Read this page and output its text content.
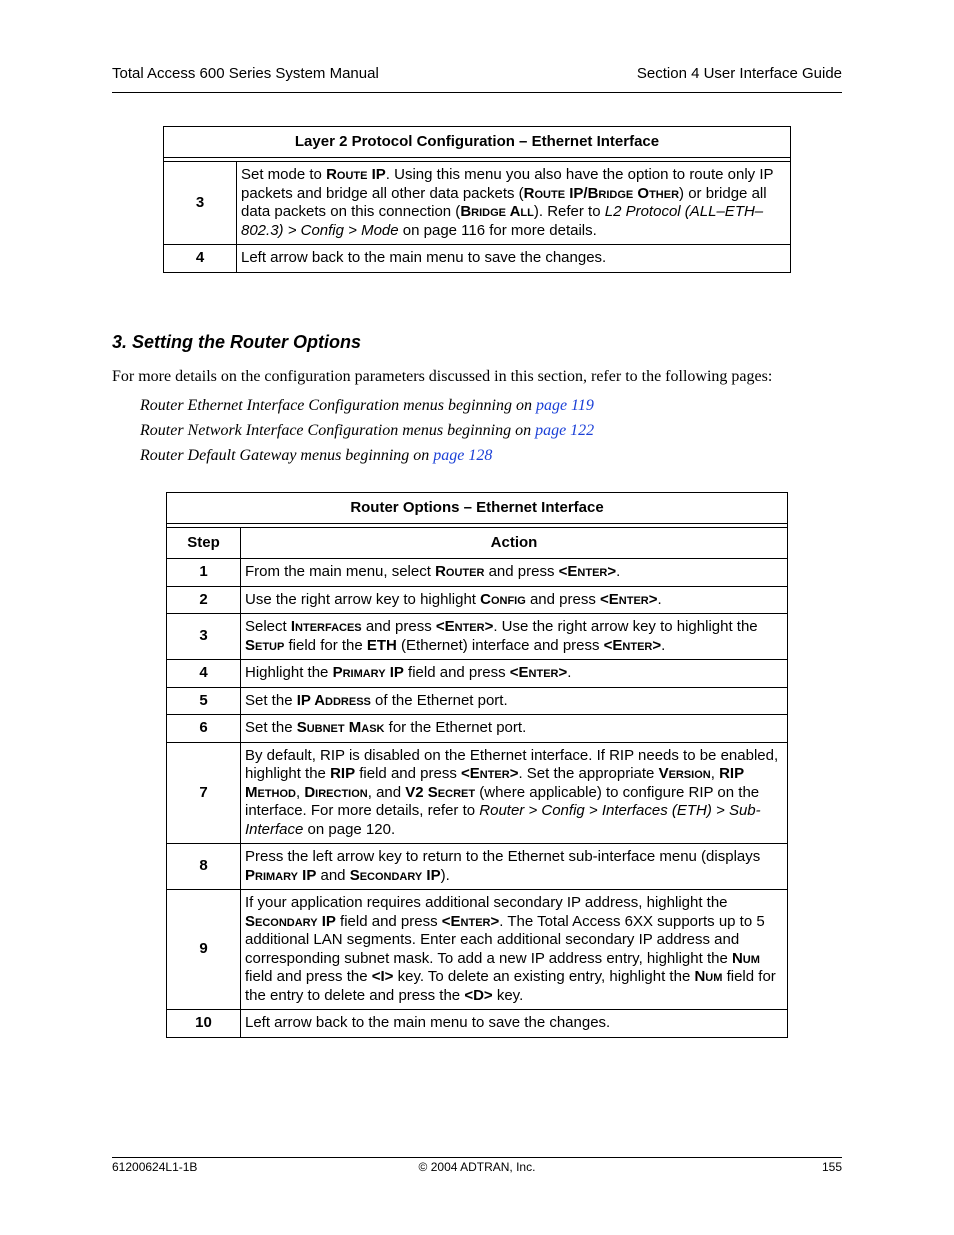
Total Access 600 Series System Manual	Section 4 User Interface Guide
Layer 2 Protocol Configuration – Ethernet Interface	

3	Set mode to Route IP. Using this menu you also have the option to route only IP packets and bridge all other data packets (Route IP/Bridge Other) or bridge all data packets on this connection (Bridge All). Refer to L2 Protocol (ALL–ETH–802.3) > Config > Mode on page 116 for more details.
4	Left arrow back to the main menu to save the changes.
3. Setting the Router Options
For more details on the configuration parameters discussed in this section, refer to the following pages:
Router Ethernet Interface Configuration menus beginning on page 119
Router Network Interface Configuration menus beginning on page 122
Router Default Gateway menus beginning on page 128
Router Options – Ethernet Interface	

Step	Action
1	From the main menu, select Router and press <Enter>.
2	Use the right arrow key to highlight Config and press <Enter>.
3	Select Interfaces and press <Enter>. Use the right arrow key to highlight the Setup field for the ETH (Ethernet) interface and press <Enter>.
4	Highlight the Primary IP field and press <Enter>.
5	Set the IP Address of the Ethernet port.
6	Set the Subnet Mask for the Ethernet port.
7	By default, RIP is disabled on the Ethernet interface. If RIP needs to be enabled, highlight the RIP field and press <Enter>. Set the appropriate Version, RIP Method, Direction, and V2 Secret (where applicable) to configure RIP on the interface. For more details, refer to Router > Config > Interfaces (ETH) > Sub-Interface on page 120.
8	Press the left arrow key to return to the Ethernet sub-interface menu (displays Primary IP and Secondary IP).
9	If your application requires additional secondary IP address, highlight the Secondary IP field and press <Enter>. The Total Access 6XX supports up to 5 additional LAN segments. Enter each additional secondary IP address and corresponding subnet mask. To add a new IP address entry, highlight the Num field and press the <I> key. To delete an existing entry, highlight the Num field for the entry to delete and press the <D> key.
10	Left arrow back to the main menu to save the changes.
61200624L1-1B	© 2004 ADTRAN, Inc.	155
